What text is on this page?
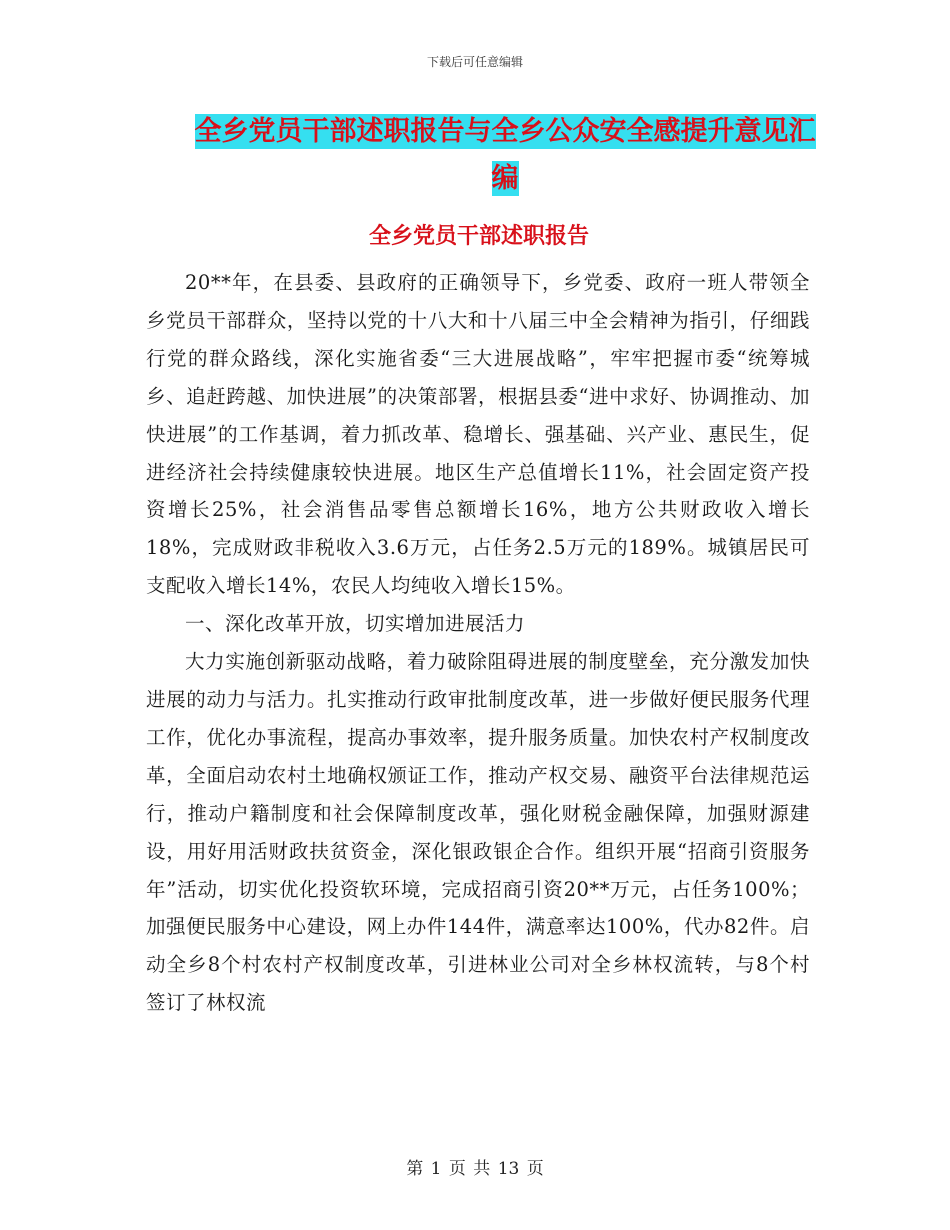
下载后可任意编辑
全乡党员干部述职报告与全乡公众安全感提升意见汇
编
全乡党员干部述职报告

20**年，在县委、县政府的正确领导下，乡党委、政府一班人带领全乡党员干部群众，坚持以党的十八大和十八届三中全会精神为指引，仔细践行党的群众路线，深化实施省委“三大进展战略”，牢牢把握市委“统筹城乡、追赶跨越、加快进展”的决策部署，根据县委“进中求好、协调推动、加快进展”的工作基调，着力抓改革、稳增长、强基础、兴产业、惠民生，促进经济社会持续健康较快进展。地区生产总值增长11%，社会固定资产投资增长25%，社会消售品零售总额增长16%，地方公共财政收入增长18%，完成财政非税收入3.6万元，占任务2.5万元的189%。城镇居民可支配收入增长14%，农民人均纯收入增长15%。

一、深化改革开放，切实增加进展活力

大力实施创新驱动战略，着力破除阻碍进展的制度壁垒，充分激发加快进展的动力与活力。扎实推动行政审批制度改革，进一步做好便民服务代理工作，优化办事流程，提高办事效率，提升服务质量。加快农村产权制度改革，全面启动农村土地确权颁证工作，推动产权交易、融资平台法律规范运行，推动户籍制度和社会保障制度改革，强化财税金融保障，加强财源建设，用好用活财政扶贫资金，深化银政银企合作。组织开展“招商引资服务年”活动，切实优化投资软环境，完成招商引资20**万元，占任务100%；加强便民服务中心建设，网上办件144件，满意率达100%，代办82件。启动全乡8个村农村产权制度改革，引进林业公司对全乡林权流转，与8个村签订了林权流

第 1 页 共 13 页
